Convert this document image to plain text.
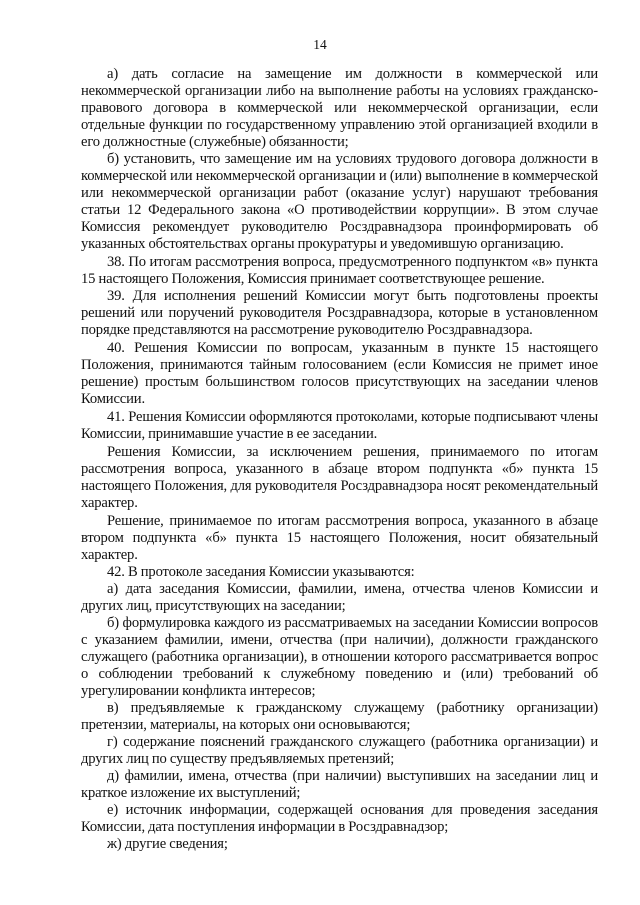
14

а) дать согласие на замещение им должности в коммерческой или некоммерческой организации либо на выполнение работы на условиях гражданско-правового договора в коммерческой или некоммерческой организации, если отдельные функции по государственному управлению этой организацией входили в его должностные (служебные) обязанности;

б) установить, что замещение им на условиях трудового договора должности в коммерческой или некоммерческой организации и (или) выполнение в коммерческой или некоммерческой организации работ (оказание услуг) нарушают требования статьи 12 Федерального закона «О противодействии коррупции». В этом случае Комиссия рекомендует руководителю Росздравнадзора проинформировать об указанных обстоятельствах органы прокуратуры и уведомившую организацию.

38. По итогам рассмотрения вопроса, предусмотренного подпунктом «в» пункта 15 настоящего Положения, Комиссия принимает соответствующее решение.

39. Для исполнения решений Комиссии могут быть подготовлены проекты решений или поручений руководителя Росздравнадзора, которые в установленном порядке представляются на рассмотрение руководителю Росздравнадзора.

40. Решения Комиссии по вопросам, указанным в пункте 15 настоящего Положения, принимаются тайным голосованием (если Комиссия не примет иное решение) простым большинством голосов присутствующих на заседании членов Комиссии.

41. Решения Комиссии оформляются протоколами, которые подписывают члены Комиссии, принимавшие участие в ее заседании.

Решения Комиссии, за исключением решения, принимаемого по итогам рассмотрения вопроса, указанного в абзаце втором подпункта «б» пункта 15 настоящего Положения, для руководителя Росздравнадзора носят рекомендательный характер.

Решение, принимаемое по итогам рассмотрения вопроса, указанного в абзаце втором подпункта «б» пункта 15 настоящего Положения, носит обязательный характер.

42. В протоколе заседания Комиссии указываются:

а) дата заседания Комиссии, фамилии, имена, отчества членов Комиссии и других лиц, присутствующих на заседании;

б) формулировка каждого из рассматриваемых на заседании Комиссии вопросов с указанием фамилии, имени, отчества (при наличии), должности гражданского служащего (работника организации), в отношении которого рассматривается вопрос о соблюдении требований к служебному поведению и (или) требований об урегулировании конфликта интересов;

в) предъявляемые к гражданскому служащему (работнику организации) претензии, материалы, на которых они основываются;

г) содержание пояснений гражданского служащего (работника организации) и других лиц по существу предъявляемых претензий;

д) фамилии, имена, отчества (при наличии) выступивших на заседании лиц и краткое изложение их выступлений;

е) источник информации, содержащей основания для проведения заседания Комиссии, дата поступления информации в Росздравнадзор;

ж) другие сведения;
